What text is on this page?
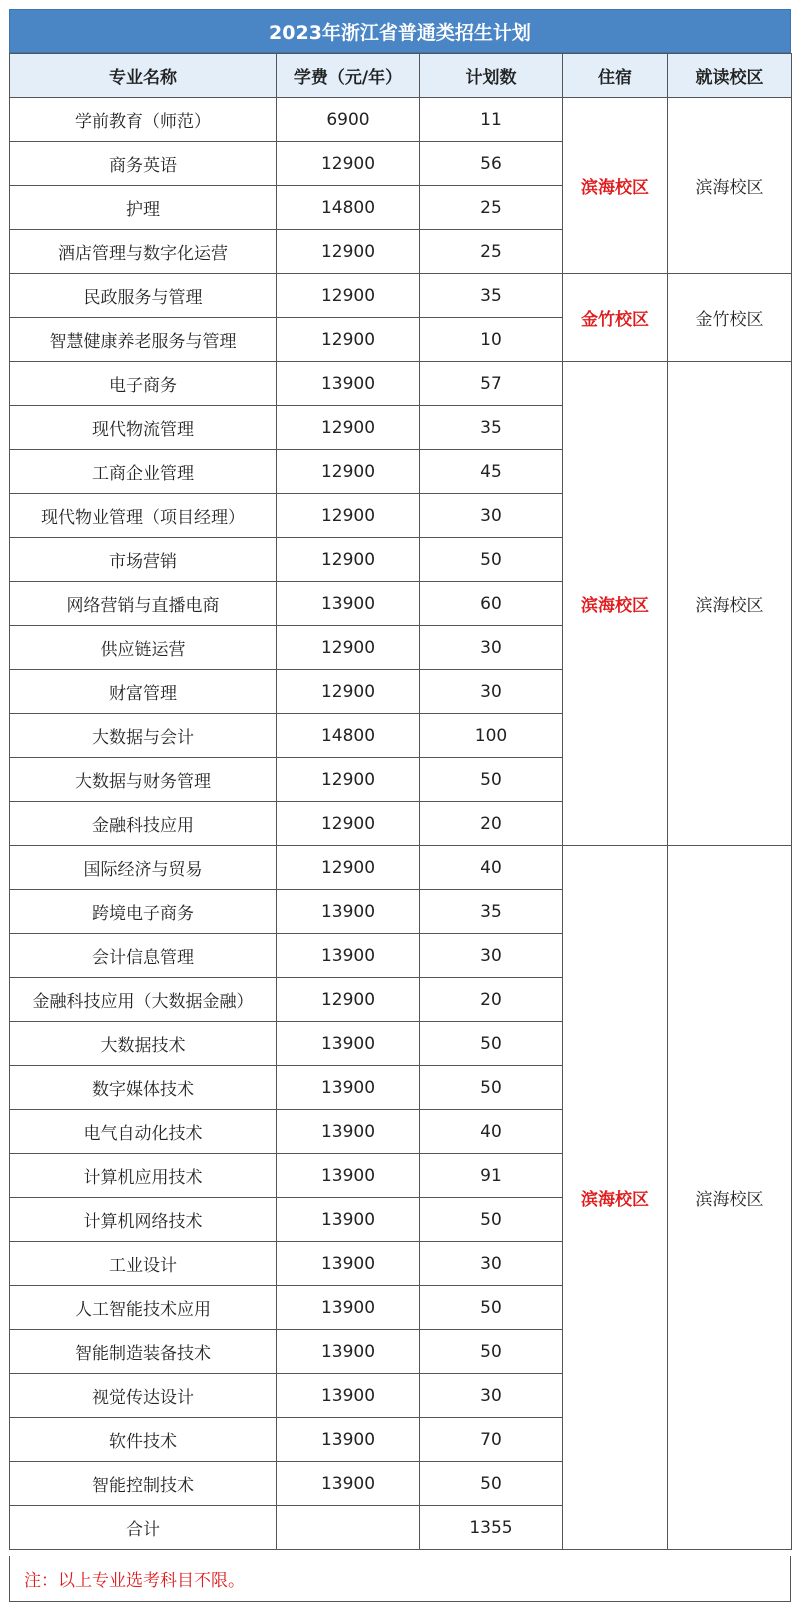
2023年浙江省普通类招生计划
专业名称	学费（元/年）	计划数	住宿	就读校区
学前教育（师范）	6900	11	滨海校区	滨海校区
商务英语	12900	56		
护理	14800	25		
酒店管理与数字化运营	12900	25		
民政服务与管理	12900	35	金竹校区	金竹校区
智慧健康养老服务与管理	12900	10		
电子商务	13900	57	滨海校区	滨海校区
现代物流管理	12900	35		
工商企业管理	12900	45		
现代物业管理（项目经理）	12900	30		
市场营销	12900	50		
网络营销与直播电商	13900	60		
供应链运营	12900	30		
财富管理	12900	30		
大数据与会计	14800	100		
大数据与财务管理	12900	50		
金融科技应用	12900	20		
国际经济与贸易	12900	40	滨海校区	滨海校区
跨境电子商务	13900	35		
会计信息管理	13900	30		
金融科技应用（大数据金融）	12900	20		
大数据技术	13900	50		
数字媒体技术	13900	50		
电气自动化技术	13900	40		
计算机应用技术	13900	91		
计算机网络技术	13900	50		
工业设计	13900	30		
人工智能技术应用	13900	50		
智能制造装备技术	13900	50		
视觉传达设计	13900	30		
软件技术	13900	70		
智能控制技术	13900	50		
合计		1355		
注：以上专业选考科目不限。
